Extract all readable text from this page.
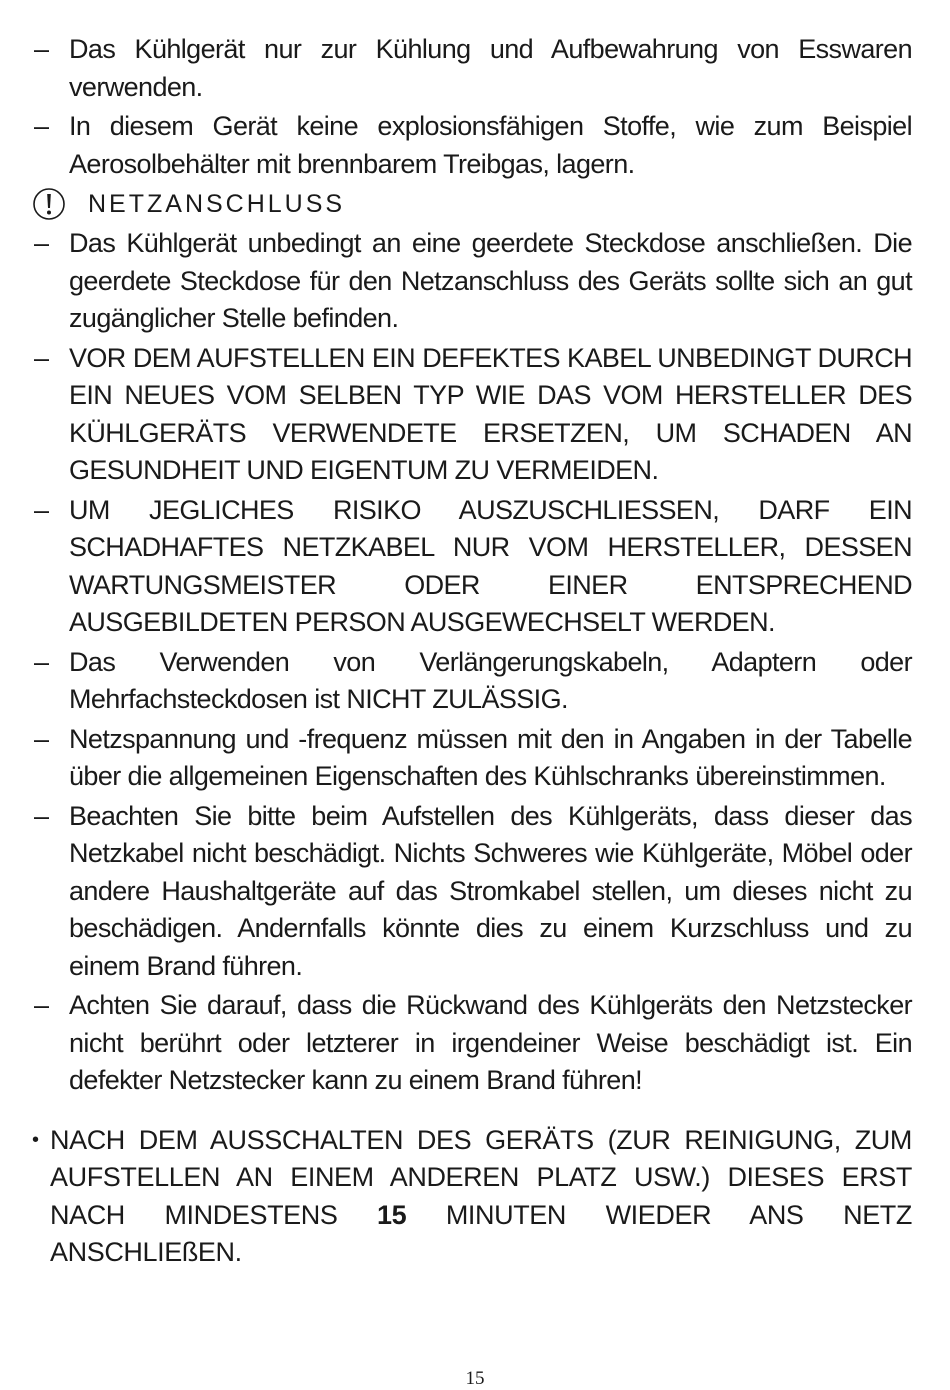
– Das Kühlgerät nur zur Kühlung und Aufbewahrung von Esswaren verwenden.
– In diesem Gerät keine explosionsfähigen Stoffe, wie zum Beispiel Aerosolbehälter mit brennbarem Treibgas, lagern.
NETZANSCHLUSS
– Das Kühlgerät unbedingt an eine geerdete Steckdose anschließen. Die geerdete Steckdose für den Netzanschluss des Geräts sollte sich an gut zugänglicher Stelle befinden.
– VOR DEM AUFSTELLEN EIN DEFEKTES KABEL UNBEDINGT DURCH EIN NEUES VOM SELBEN TYP WIE DAS VOM HERSTELLER DES KÜHLGERÄTS VERWENDETE ERSETZEN, UM SCHADEN AN GESUNDHEIT UND EIGENTUM ZU VERMEIDEN.
– UM JEGLICHES RISIKO AUSZUSCHLIESSEN, DARF EIN SCHADHAFTES NETZKABEL NUR VOM HERSTELLER, DESSEN WARTUNGSMEISTER ODER EINER ENTSPRECHEND AUSGEBILDETEN PERSON AUSGEWECHSELT WERDEN.
– Das Verwenden von Verlängerungskabeln, Adaptern oder Mehrfachsteckdosen ist NICHT ZULÄSSIG.
– Netzspannung und -frequenz müssen mit den in Angaben in der Tabelle über die allgemeinen Eigenschaften des Kühlschranks übereinstimmen.
– Beachten Sie bitte beim Aufstellen des Kühlgeräts, dass dieser das Netzkabel nicht beschädigt. Nichts Schweres wie Kühlgeräte, Möbel oder andere Haushaltgeräte auf das Stromkabel stellen, um dieses nicht zu beschädigen. Andernfalls könnte dies zu einem Kurzschluss und zu einem Brand führen.
– Achten Sie darauf, dass die Rückwand des Kühlgeräts den Netzstecker nicht berührt oder letzterer in irgendeiner Weise beschädigt ist. Ein defekter Netzstecker kann zu einem Brand führen!
• NACH DEM AUSSCHALTEN DES GERÄTS (ZUR REINIGUNG, ZUM AUFSTELLEN AN EINEM ANDEREN PLATZ USW.) DIESES ERST NACH MINDESTENS 15 MINUTEN WIEDER ANS NETZ ANSCHLIEßEN.
15
